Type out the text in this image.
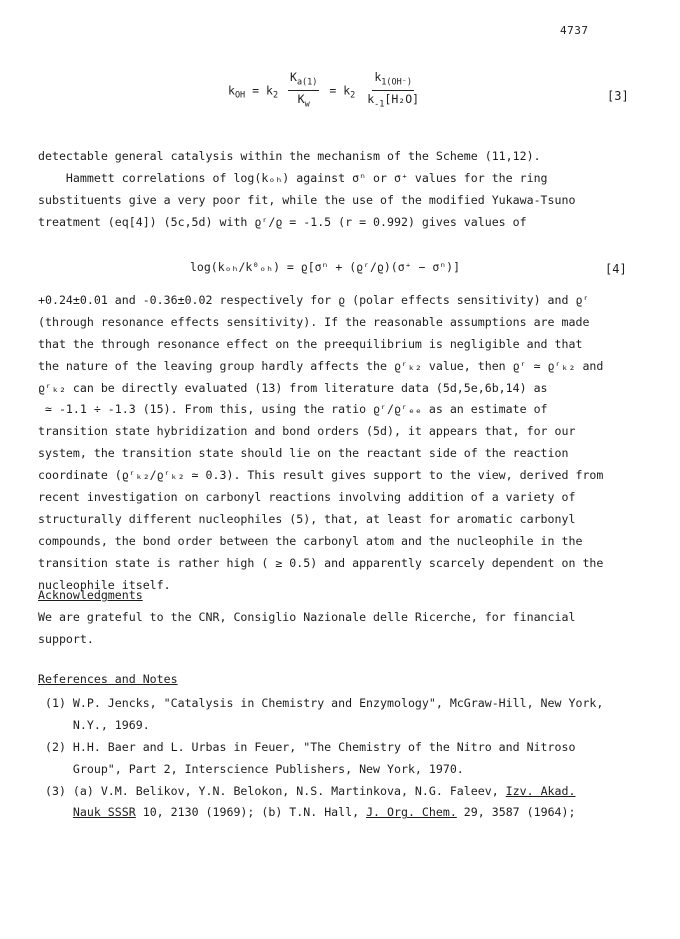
4737
$k_{OH} = k_2 \frac{K_{a(1)}}{K_w} = k_2 \frac{k_{1(OH^-)}}{k_{-1}[H_2O]}$	[3]
detectable general catalysis within the mechanism of the Scheme (11,12).
Hammett correlations of log(kₒₕ) against σⁿ or σ⁺ values for the ring
substituents give a very poor fit, while the use of the modified Yukawa-Tsuno
treatment (eq[4]) (5c,5d) with ϱʳ/ϱ = -1.5 (r = 0.992) gives values of
log(kₒₕ/k⁰ₒₕ) = ϱ[σⁿ + (ϱʳ/ϱ)(σ⁺ − σⁿ)]	[4]
+0.24±0.01 and -0.36±0.02 respectively for ϱ (polar effects sensitivity) and ϱʳ
(through resonance effects sensitivity). If the reasonable assumptions are made
that the through resonance effect on the preequilibrium is negligible and that
the nature of the leaving group hardly affects the ϱʳₖ₂ value, then ϱʳ ≃ ϱʳₖ₂ and
ϱʳₖ₂ can be directly evaluated (13) from literature data (5d,5e,6b,14) as
≃ -1.1 ÷ -1.3 (15). From this, using the ratio ϱʳ/ϱʳₑₑ as an estimate of
transition state hybridization and bond orders (5d), it appears that, for our
system, the transition state should lie on the reactant side of the reaction
coordinate (ϱʳₖ₂/ϱʳₖ₂ ≃ 0.3). This result gives support to the view, derived from
recent investigation on carbonyl reactions involving addition of a variety of
structurally different nucleophiles (5), that, at least for aromatic carbonyl
compounds, the bond order between the carbonyl atom and the nucleophile in the
transition state is rather high ( ≥ 0.5) and apparently scarcely dependent on the
nucleophile itself.
Acknowledgments
We are grateful to the CNR, Consiglio Nazionale delle Ricerche, for financial
support.
References and Notes
(1) W.P. Jencks, "Catalysis in Chemistry and Enzymology", McGraw-Hill, New York,
N.Y., 1969.
(2) H.H. Baer and L. Urbas in Feuer, "The Chemistry of the Nitro and Nitroso
Group", Part 2, Interscience Publishers, New York, 1970.
(3) (a) V.M. Belikov, Y.N. Belokon, N.S. Martinkova, N.G. Faleev, Izv. Akad.
Nauk SSSR 10, 2130 (1969); (b) T.N. Hall, J. Org. Chem. 29, 3587 (1964);
